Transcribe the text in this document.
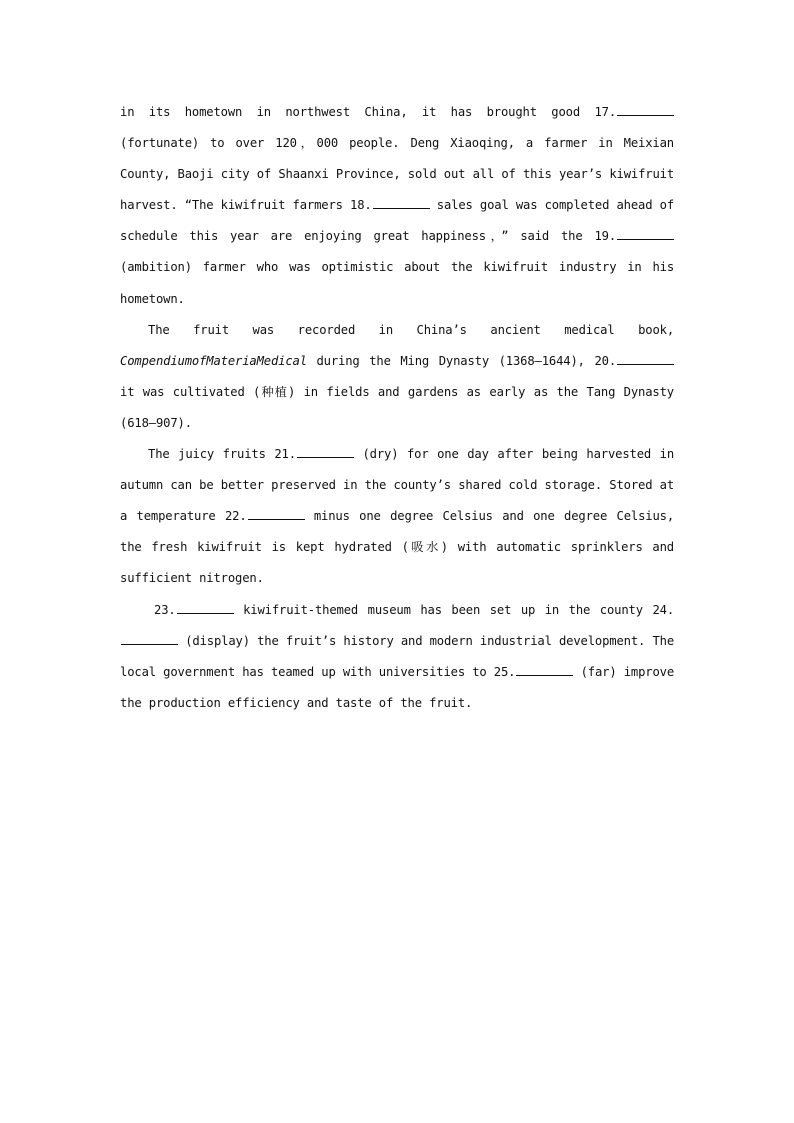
in its hometown in northwest China, it has brought good 17. (fortunate) to over 120，000 people. Deng Xiaoqing, a farmer in Meixian County, Baoji city of Shaanxi Province, sold out all of this year’s kiwifruit harvest. “The kiwifruit farmers 18.	sales goal was completed ahead of schedule this year are enjoying great happiness，” said the 19. (ambition) farmer who was optimistic about the kiwifruit industry in his hometown.

The fruit was recorded in China’s ancient medical book, CompendiumofMateriaMedical during the Ming Dynasty (1368—1644), 20. it was cultivated (种植) in fields and gardens as early as the Tang Dynasty (618—907).

The juicy fruits 21.	(dry) for one day after being harvested in autumn can be better preserved in the county’s shared cold storage. Stored at a temperature 22.	minus one degree Celsius and one degree Celsius, the fresh kiwifruit is kept hydrated (吸水) with automatic sprinklers and sufficient nitrogen.

23.	kiwifruit-themed museum has been set up in the county 24. (display) the fruit’s history and modern industrial development. The local government has teamed up with universities to 25.	(far) improve the production efficiency and taste of the fruit.
